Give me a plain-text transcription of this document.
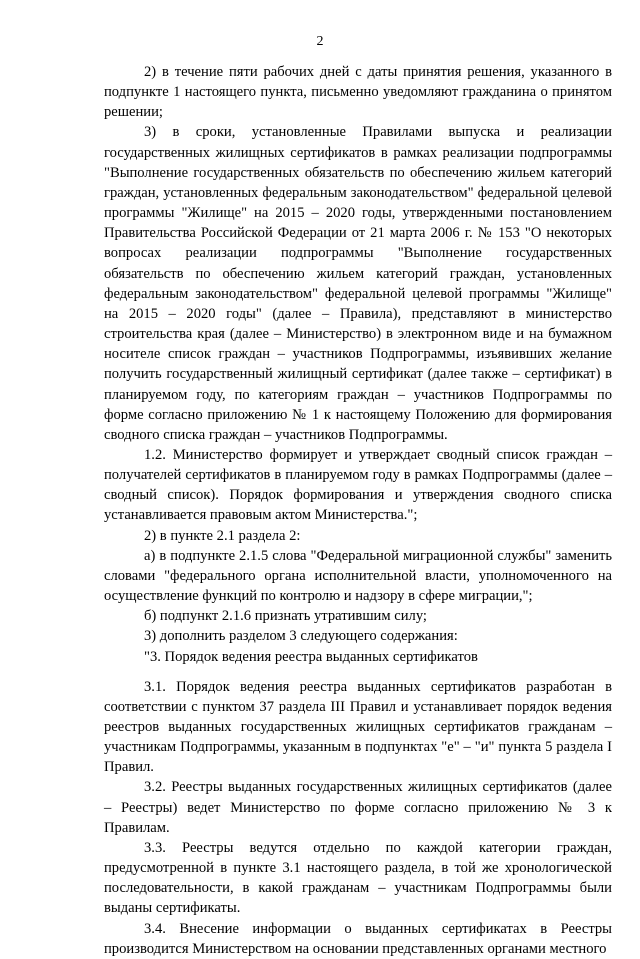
2

2) в течение пяти рабочих дней с даты принятия решения, указанного в подпункте 1 настоящего пункта, письменно уведомляют гражданина о принятом решении;

3) в сроки, установленные Правилами выпуска и реализации государственных жилищных сертификатов в рамках реализации подпрограммы "Выполнение государственных обязательств по обеспечению жильем категорий граждан, установленных федеральным законодательством" федеральной целевой программы "Жилище" на 2015 – 2020 годы, утвержденными постановлением Правительства Российской Федерации от 21 марта 2006 г. № 153 "О некоторых вопросах реализации подпрограммы "Выполнение государственных обязательств по обеспечению жильем категорий граждан, установленных федеральным законодательством" федеральной целевой программы "Жилище" на 2015 – 2020 годы" (далее – Правила), представляют в министерство строительства края (далее – Министерство) в электронном виде и на бумажном носителе список граждан – участников Подпрограммы, изъявивших желание получить государственный жилищный сертификат (далее также – сертификат) в планируемом году, по категориям граждан – участников Подпрограммы по форме согласно приложению № 1 к настоящему Положению для формирования сводного списка граждан – участников Подпрограммы.

1.2. Министерство формирует и утверждает сводный список граждан – получателей сертификатов в планируемом году в рамках Подпрограммы (далее – сводный список). Порядок формирования и утверждения сводного списка устанавливается правовым актом Министерства.";

2) в пункте 2.1 раздела 2:

а) в подпункте 2.1.5 слова "Федеральной миграционной службы" заменить словами "федерального органа исполнительной власти, уполномоченного на осуществление функций по контролю и надзору в сфере миграции,";

б) подпункт 2.1.6 признать утратившим силу;

3) дополнить разделом 3 следующего содержания:

"3. Порядок ведения реестра выданных сертификатов

3.1. Порядок ведения реестра выданных сертификатов разработан в соответствии с пунктом 37 раздела III Правил и устанавливает порядок ведения реестров выданных государственных жилищных сертификатов гражданам – участникам Подпрограммы, указанным в подпунктах "е" – "и" пункта 5 раздела I Правил.

3.2. Реестры выданных государственных жилищных сертификатов (далее – Реестры) ведет Министерство по форме согласно приложению № 3 к Правилам.

3.3. Реестры ведутся отдельно по каждой категории граждан, предусмотренной в пункте 3.1 настоящего раздела, в той же хронологической последовательности, в какой гражданам – участникам Подпрограммы были выданы сертификаты.

3.4. Внесение информации о выданных сертификатах в Реестры производится Министерством на основании представленных органами местного
